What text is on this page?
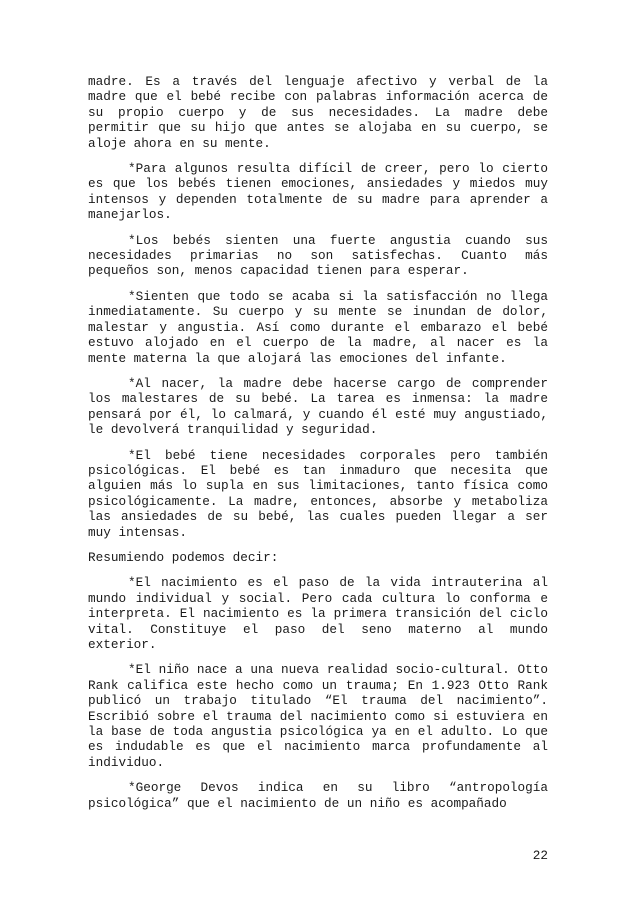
madre. Es a través del lenguaje afectivo y verbal de la madre que el bebé recibe con palabras información acerca de su propio cuerpo y de sus necesidades. La madre debe permitir que su hijo que antes se alojaba en su cuerpo, se aloje ahora en su mente.

*Para algunos resulta difícil de creer, pero lo cierto es que los bebés tienen emociones, ansiedades y miedos muy intensos y dependen totalmente de su madre para aprender a manejarlos.

*Los bebés sienten una fuerte angustia cuando sus necesidades primarias no son satisfechas. Cuanto más pequeños son, menos capacidad tienen para esperar.

*Sienten que todo se acaba si la satisfacción no llega inmediatamente. Su cuerpo y su mente se inundan de dolor, malestar y angustia. Así como durante el embarazo el bebé estuvo alojado en el cuerpo de la madre, al nacer es la mente materna la que alojará las emociones del infante.

*Al nacer, la madre debe hacerse cargo de comprender los malestares de su bebé. La tarea es inmensa: la madre pensará por él, lo calmará, y cuando él esté muy angustiado, le devolverá tranquilidad y seguridad.

*El bebé tiene necesidades corporales pero también psicológicas. El bebé es tan inmaduro que necesita que alguien más lo supla en sus limitaciones, tanto física como psicológicamente. La madre, entonces, absorbe y metaboliza las ansiedades de su bebé, las cuales pueden llegar a ser muy intensas.

Resumiendo podemos decir:

*El nacimiento es el paso de la vida intrauterina al mundo individual y social. Pero cada cultura lo conforma e interpreta. El nacimiento es la primera transición del ciclo vital. Constituye el paso del seno materno al mundo exterior.

*El niño nace a una nueva realidad socio-cultural. Otto Rank califica este hecho como un trauma; En 1.923 Otto Rank publicó un trabajo titulado “El trauma del nacimiento”. Escribió sobre el trauma del nacimiento como si estuviera en la base de toda angustia psicológica ya en el adulto. Lo que es indudable es que el nacimiento marca profundamente al individuo.

*George Devos indica en su libro “antropología psicológica” que el nacimiento de un niño es acompañado

22
